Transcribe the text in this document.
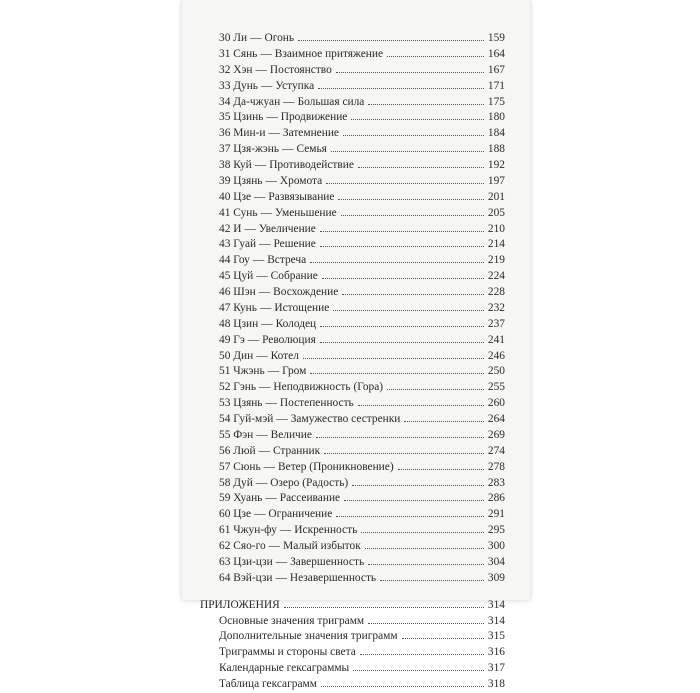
30 Ли — Огонь	159
31 Сянь — Взаимное притяжение	164
32 Хэн — Постоянство	167
33 Дунь — Уступка	171
34 Да-чжуан — Большая сила	175
35 Цзинь — Продвижение	180
36 Мин-и — Затемнение	184
37 Цзя-жэнь — Семья	188
38 Куй — Противодействие	192
39 Цзянь — Хромота	197
40 Цзе — Развязывание	201
41 Сунь — Уменьшение	205
42 И — Увеличение	210
43 Гуай — Решение	214
44 Гоу — Встреча	219
45 Цуй — Собрание	224
46 Шэн — Восхождение	228
47 Кунь — Истощение	232
48 Цзин — Колодец	237
49 Гэ — Революция	241
50 Дин — Котел	246
51 Чжэнь — Гром	250
52 Гэнь — Неподвижность (Гора)	255
53 Цзянь — Постепенность	260
54 Гуй-мэй — Замужество сестренки	264
55 Фэн — Величие	269
56 Люй — Странник	274
57 Сюнь — Ветер (Проникновение)	278
58 Дуй — Озеро (Радость)	283
59 Хуань — Рассеивание	286
60 Цзе — Ограничение	291
61 Чжун-фу — Искренность	295
62 Сяо-го — Малый избыток	300
63 Цзи-цзи — Завершенность	304
64 Вэй-цзи — Незавершенность	309
ПРИЛОЖЕНИЯ	314
Основные значения триграмм	314
Дополнительные значения триграмм	315
Триграммы и стороны света	316
Календарные гексаграммы	317
Таблица гексаграмм	318
